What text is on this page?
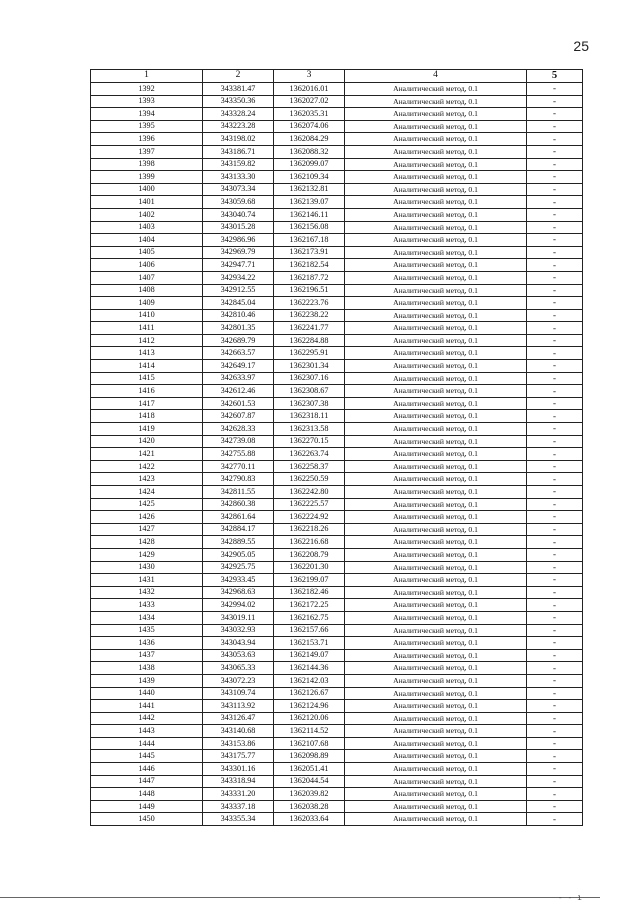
25
1	2	3	4	5
1392	343381.47	1362016.01	Аналитический метод, 0.1	-
1393	343350.36	1362027.02	Аналитический метод, 0.1	-
1394	343328.24	1362035.31	Аналитический метод, 0.1	-
1395	343223.28	1362074.06	Аналитический метод, 0.1	-
1396	343198.02	1362084.29	Аналитический метод, 0.1	-
1397	343186.71	1362088.32	Аналитический метод, 0.1	-
1398	343159.82	1362099.07	Аналитический метод, 0.1	-
1399	343133.30	1362109.34	Аналитический метод, 0.1	-
1400	343073.34	1362132.81	Аналитический метод, 0.1	-
1401	343059.68	1362139.07	Аналитический метод, 0.1	-
1402	343040.74	1362146.11	Аналитический метод, 0.1	-
1403	343015.28	1362156.08	Аналитический метод, 0.1	-
1404	342986.96	1362167.18	Аналитический метод, 0.1	-
1405	342969.79	1362173.91	Аналитический метод, 0.1	-
1406	342947.71	1362182.54	Аналитический метод, 0.1	-
1407	342934.22	1362187.72	Аналитический метод, 0.1	-
1408	342912.55	1362196.51	Аналитический метод, 0.1	-
1409	342845.04	1362223.76	Аналитический метод, 0.1	-
1410	342810.46	1362238.22	Аналитический метод, 0.1	-
1411	342801.35	1362241.77	Аналитический метод, 0.1	-
1412	342689.79	1362284.88	Аналитический метод, 0.1	-
1413	342663.57	1362295.91	Аналитический метод, 0.1	-
1414	342649.17	1362301.34	Аналитический метод, 0.1	-
1415	342633.97	1362307.16	Аналитический метод, 0.1	-
1416	342612.46	1362308.67	Аналитический метод, 0.1	-
1417	342601.53	1362307.38	Аналитический метод, 0.1	-
1418	342607.87	1362318.11	Аналитический метод, 0.1	-
1419	342628.33	1362313.58	Аналитический метод, 0.1	-
1420	342739.08	1362270.15	Аналитический метод, 0.1	-
1421	342755.88	1362263.74	Аналитический метод, 0.1	-
1422	342770.11	1362258.37	Аналитический метод, 0.1	-
1423	342790.83	1362250.59	Аналитический метод, 0.1	-
1424	342811.55	1362242.80	Аналитический метод, 0.1	-
1425	342860.38	1362225.57	Аналитический метод, 0.1	-
1426	342861.64	1362224.92	Аналитический метод, 0.1	-
1427	342884.17	1362218.26	Аналитический метод, 0.1	-
1428	342889.55	1362216.68	Аналитический метод, 0.1	-
1429	342905.05	1362208.79	Аналитический метод, 0.1	-
1430	342925.75	1362201.30	Аналитический метод, 0.1	-
1431	342933.45	1362199.07	Аналитический метод, 0.1	-
1432	342968.63	1362182.46	Аналитический метод, 0.1	-
1433	342994.02	1362172.25	Аналитический метод, 0.1	-
1434	343019.11	1362162.75	Аналитический метод, 0.1	-
1435	343032.93	1362157.66	Аналитический метод, 0.1	-
1436	343043.94	1362153.71	Аналитический метод, 0.1	-
1437	343053.63	1362149.07	Аналитический метод, 0.1	-
1438	343065.33	1362144.36	Аналитический метод, 0.1	-
1439	343072.23	1362142.03	Аналитический метод, 0.1	-
1440	343109.74	1362126.67	Аналитический метод, 0.1	-
1441	343113.92	1362124.96	Аналитический метод, 0.1	-
1442	343126.47	1362120.06	Аналитический метод, 0.1	-
1443	343140.68	1362114.52	Аналитический метод, 0.1	-
1444	343153.86	1362107.68	Аналитический метод, 0.1	-
1445	343175.77	1362098.89	Аналитический метод, 0.1	-
1446	343301.16	1362051.41	Аналитический метод, 0.1	-
1447	343318.94	1362044.54	Аналитический метод, 0.1	-
1448	343331.20	1362039.82	Аналитический метод, 0.1	-
1449	343337.18	1362038.28	Аналитический метод, 0.1	-
1450	343355.34	1362033.64	Аналитический метод, 0.1	-
- - ı
